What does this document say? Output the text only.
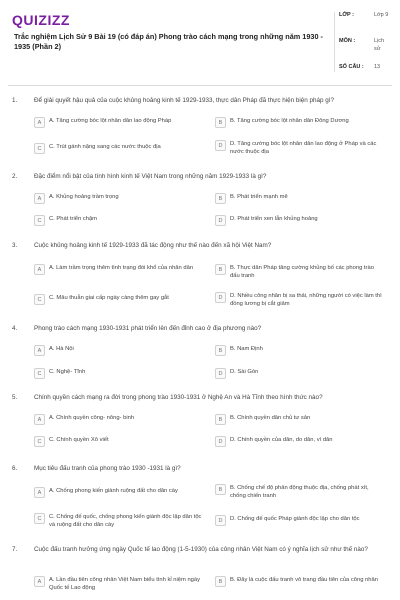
QUIZIZZ
Trắc nghiệm Lịch Sử 9 Bài 19 (có đáp án) Phong trào cách mạng trong những năm 1930 - 1935 (Phần 2)
LỚP :	Lớp 9
MÔN :	Lịch sử
SỐ CÂU : 13
1.	Để giải quyết hậu quả của cuộc khủng hoảng kinh tế 1929-1933, thực dân Pháp đã thực hiện biện pháp gì?
A	A. Tăng cường bóc lột nhân dân lao động Pháp	B	B. Tăng cường bóc lột nhân dân Đông Dương
C	C. Trút gánh nặng sang các nước thuộc địa	D	D. Tăng cường bóc lột nhân dân lao động ở Pháp và các nước thuộc địa
2.	Đặc điểm nổi bật của tình hình kinh tế Việt Nam trong những năm 1929-1933 là gì?
A	A. Khủng hoảng trầm trọng	B	B. Phát triển mạnh mẽ
C	C. Phát triển chậm	D	D. Phát triển xen lẫn khủng hoảng
3.	Cuộc khủng hoảng kinh tế 1929-1933 đã tác động như thế nào đến xã hội Việt Nam?
A	A. Làm trầm trọng thêm tình trạng đói khổ của nhân dân	B	B. Thực dân Pháp tăng cường khủng bố các phong trào đấu tranh
C	C. Mâu thuẫn giai cấp ngày càng thêm gay gắt	D	D. Nhiều công nhân bị sa thải, những người có việc làm thì đồng lương bị cắt giảm
4.	Phong trào cách mạng 1930-1931 phát triển lên đến đỉnh cao ở địa phương nào?
A	A. Hà Nội	B	B. Nam Định
C	C. Nghệ- Tĩnh	D	D. Sài Gòn
5.	Chính quyền cách mạng ra đời trong phong trào 1930-1931 ở Nghệ An và Hà Tĩnh theo hình thức nào?
A	A. Chính quyền công- nông- binh	B	B. Chính quyền dân chủ tư sản
C	C. Chính quyền Xô viết	D	D. Chính quyền của dân, do dân, vì dân
6.	Mục tiêu đấu tranh của phong trào 1930 -1931 là gì?
A	A. Chống phong kiến giành ruộng đất cho dân cày	B	B. Chống chế độ phản động thuộc địa, chống phát xít, chống chiến tranh
C	C. Chống đế quốc, chống phong kiến giành độc lập dân tộc và ruộng đất cho dân cày
D	D. Chống đế quốc Pháp giành độc lập cho dân tộc
7.	Cuộc đấu tranh hưởng ứng ngày Quốc tế lao động (1-5-1930) của công nhân Việt Nam có ý nghĩa lịch sử như thế nào?
A	A. Lần đầu tiên công nhân Việt Nam biểu tình kỉ niệm ngày Quốc tế Lao động
B	B. Đây là cuộc đấu tranh vô trang đầu tiên của công nhân
